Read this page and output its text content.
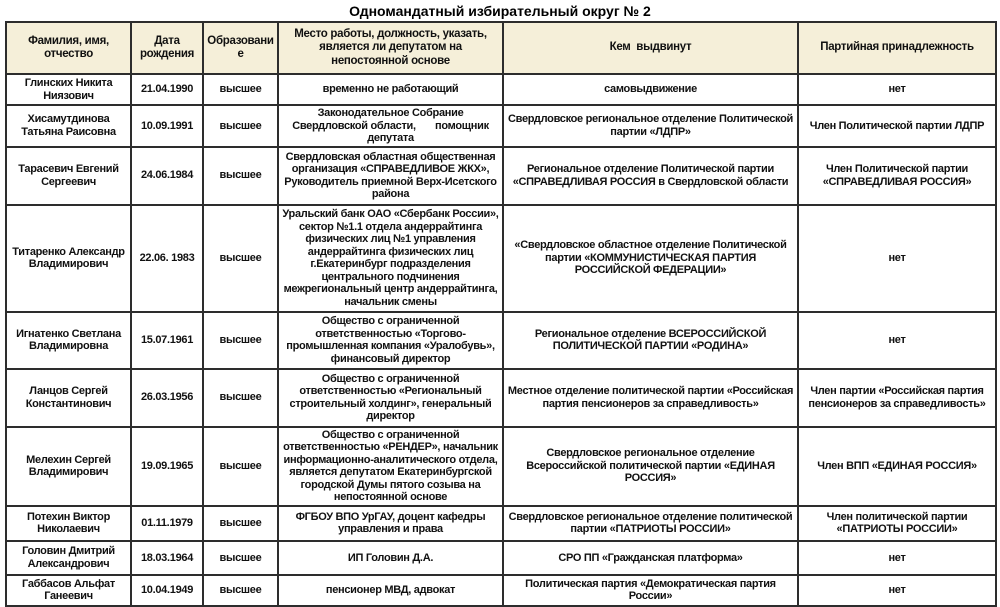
Одномандатный избирательный округ № 2
Фамилия, имя, отчество	Дата рождения	Образование	Место работы, должность, указать, является ли депутатом на непостоянной основе	Кем  выдвинут	Партийная принадлежность
Глинских Никита Ниязович	21.04.1990	высшее	временно не работающий	самовыдвижение	нет
Хисамутдинова Татьяна Раисовна	10.09.1991	высшее	Законодательное Собрание Свердловской области,       помощник депутата	Свердловское региональное отделение Политической партии «ЛДПР»	Член Политической партии ЛДПР
Тарасевич Евгений Сергеевич	24.06.1984	высшее	Свердловская областная общественная организация «СПРАВЕДЛИВОЕ ЖКХ», Руководитель приемной Верх-Исетского района	Региональное отделение Политической партии «СПРАВЕДЛИВАЯ РОССИЯ в Свердловской области	Член Политической партии «СПРАВЕДЛИВАЯ РОССИЯ»
Титаренко Александр Владимирович	22.06. 1983	высшее	Уральский банк ОАО «Сбербанк России», сектор №1.1 отдела андеррайтинга физических лиц №1 управления андеррайтинга физических лиц г.Екатеринбург подразделения центрального подчинения межрегиональный центр андеррайтинга, начальник смены	«Свердловское областное отделение Политической партии «КОММУНИСТИЧЕСКАЯ ПАРТИЯ РОССИЙСКОЙ ФЕДЕРАЦИИ»	нет
Игнатенко Светлана Владимировна	15.07.1961	высшее	Общество с ограниченной ответственностью «Торгово-промышленная компания «Уралобувь», финансовый директор	Региональное отделение ВСЕРОССИЙСКОЙ ПОЛИТИЧЕСКОЙ ПАРТИИ «РОДИНА»	нет
Ланцов Сергей Константинович	26.03.1956	высшее	Общество с ограниченной ответственностью «Региональный строительный холдинг», генеральный директор	Местное отделение политической партии «Российская партия пенсионеров за справедливость»	Член партии «Российская партия пенсионеров за справедливость»
Мелехин Сергей Владимирович	19.09.1965	высшее	Общество с ограниченной ответственностью «РЕНДЕР», начальник информационно-аналитического отдела, является депутатом Екатеринбургской городской Думы пятого созыва на непостоянной основе	Свердловское региональное отделение Всероссийской политической партии «ЕДИНАЯ РОССИЯ»	Член ВПП «ЕДИНАЯ РОССИЯ»
Потехин Виктор Николаевич	01.11.1979	высшее	ФГБОУ ВПО УрГАУ, доцент кафедры управления и права	Свердловское региональное отделение политической партии «ПАТРИОТЫ РОССИИ»	Член политической партии «ПАТРИОТЫ РОССИИ»
Головин Дмитрий Александрович	18.03.1964	высшее	ИП Головин Д.А.	СРО ПП «Гражданская платформа»	нет
Габбасов Альфат Ганеевич	10.04.1949	высшее	пенсионер МВД, адвокат	Политическая партия «Демократическая партия России»	нет
